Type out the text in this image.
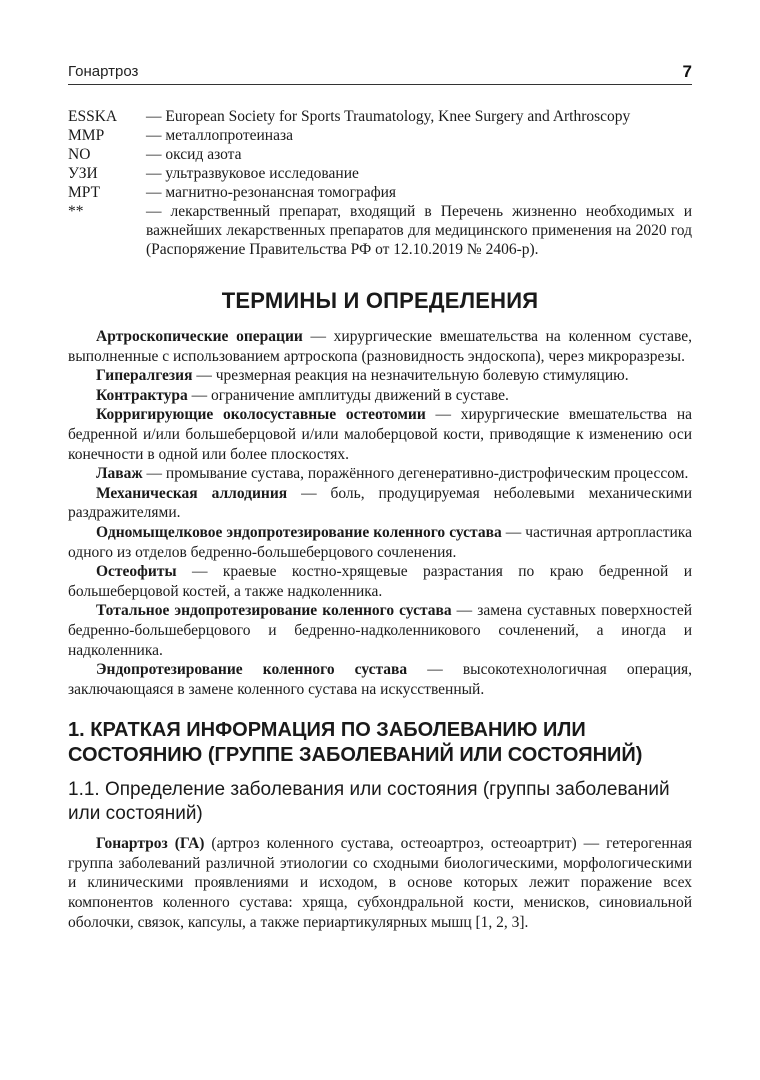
Гонартроз	7
ESSKA	— European Society for Sports Traumatology, Knee Surgery and Arthroscopy
MMP	— металлопротеиназа
NO	— оксид азота
УЗИ	— ультразвуковое исследование
МРТ	— магнитно-резонансная томография
**	— лекарственный препарат, входящий в Перечень жизненно необходимых и важнейших лекарственных препаратов для медицинского применения на 2020 год (Распоряжение Правительства РФ от 12.10.2019 № 2406-р).
ТЕРМИНЫ И ОПРЕДЕЛЕНИЯ

Артроскопические операции — хирургические вмешательства на коленном суставе, выполненные с использованием артроскопа (разновидность эндоскопа), через микроразрезы.

Гипералгезия — чрезмерная реакция на незначительную болевую стимуляцию.

Контрактура — ограничение амплитуды движений в суставе.

Корригирующие околосуставные остеотомии — хирургические вмешательства на бедренной и/или большеберцовой и/или малоберцовой кости, приводящие к изменению оси конечности в одной или более плоскостях.

Лаваж — промывание сустава, поражённого дегенеративно-дистрофическим процессом.

Механическая аллодиния — боль, продуцируемая неболевыми механическими раздражителями.

Одномыщелковое эндопротезирование коленного сустава — частичная артропластика одного из отделов бедренно-большеберцового сочленения.

Остеофиты — краевые костно-хрящевые разрастания по краю бедренной и большеберцовой костей, а также надколенника.

Тотальное эндопротезирование коленного сустава — замена суставных поверхностей бедренно-большеберцового и бедренно-надколенникового сочленений, а иногда и надколенника.

Эндопротезирование коленного сустава — высокотехнологичная операция, заключающаяся в замене коленного сустава на искусственный.

1. КРАТКАЯ ИНФОРМАЦИЯ ПО ЗАБОЛЕВАНИЮ ИЛИ СОСТОЯНИЮ (ГРУППЕ ЗАБОЛЕВАНИЙ ИЛИ СОСТОЯНИЙ)
1.1. Определение заболевания или состояния (группы заболеваний или состояний)

Гонартроз (ГА) (артроз коленного сустава, остеоартроз, остеоартрит) — гетерогенная группа заболеваний различной этиологии со сходными биологическими, морфологическими и клиническими проявлениями и исходом, в основе которых лежит поражение всех компонентов коленного сустава: хряща, субхондральной кости, менисков, синовиальной оболочки, связок, капсулы, а также периартикулярных мышц [1, 2, 3].
